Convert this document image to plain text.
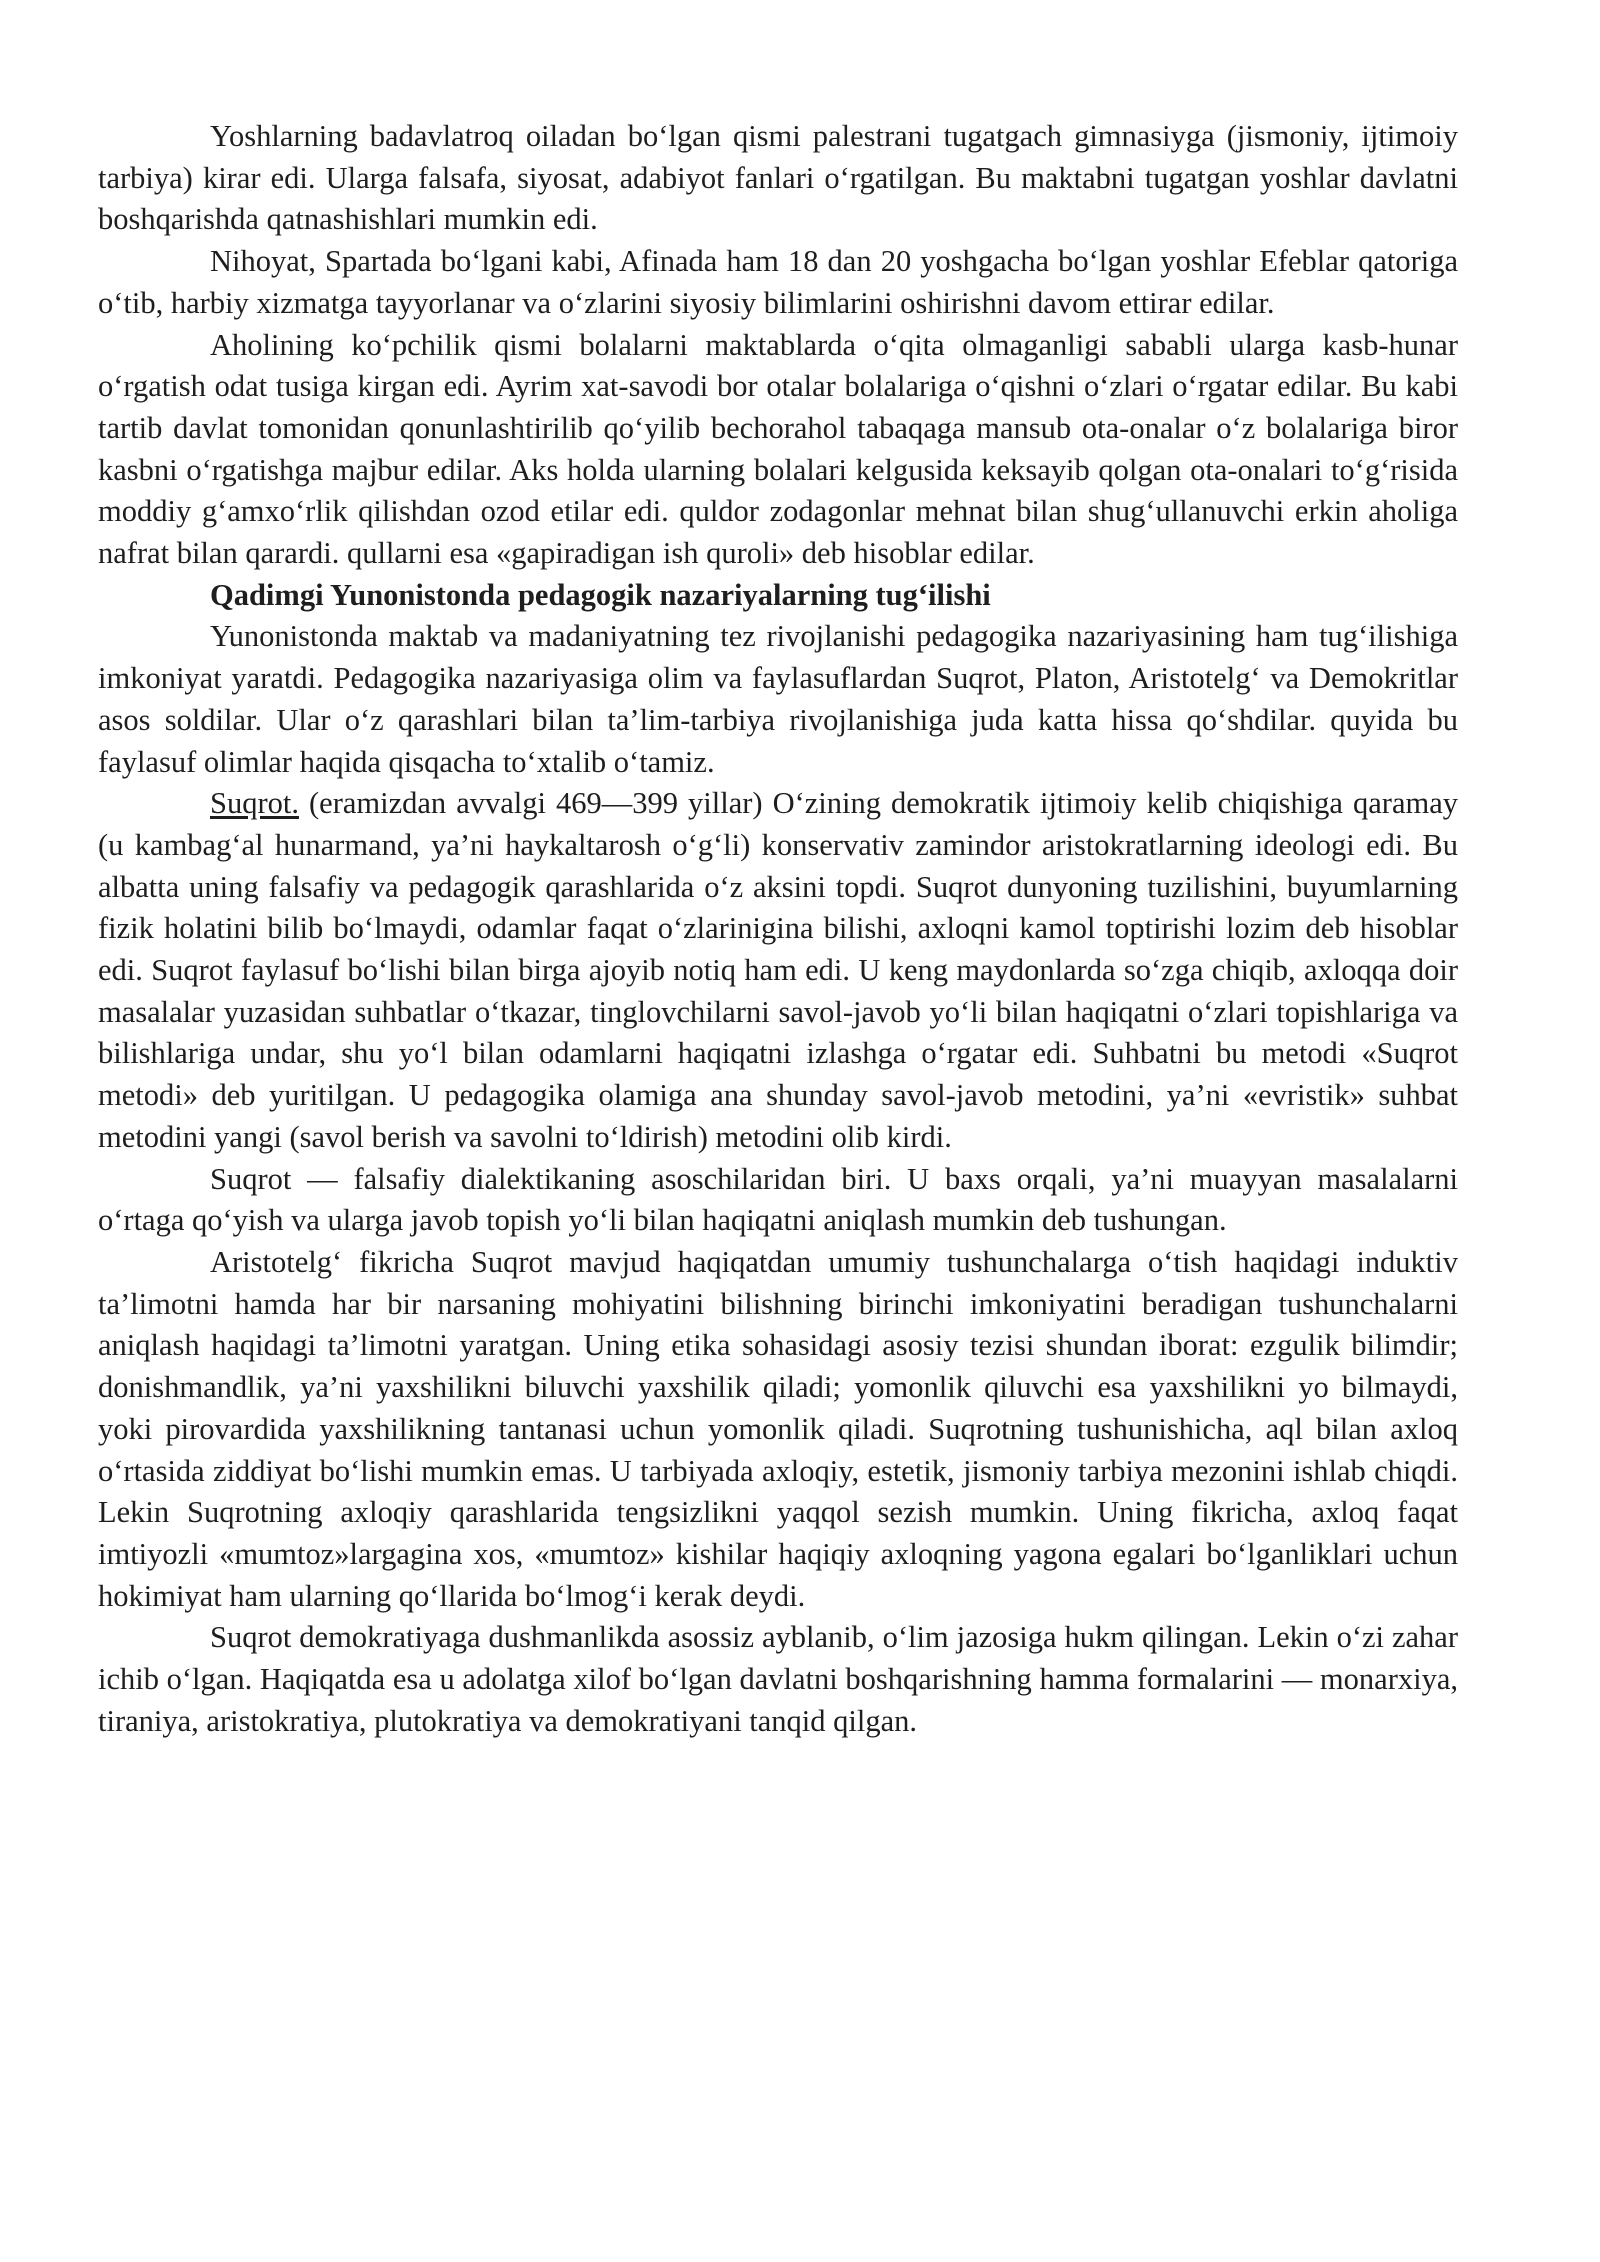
Yoshlarning badavlatroq oiladan bo‘lgan qismi palestrani tugatgach gimnasiyga (jismoniy, ijtimoiy tarbiya) kirar edi. Ularga falsafa, siyosat, adabiyot fanlari o‘rgatilgan. Bu maktabni tugatgan yoshlar davlatni boshqarishda qatnashishlari mumkin edi.

Nihoyat, Spartada bo‘lgani kabi, Afinada ham 18 dan 20 yoshgacha bo‘lgan yoshlar Efeblar qatoriga o‘tib, harbiy xizmatga tayyorlanar va o‘zlarini siyosiy bilimlarini oshirishni davom ettirar edilar.

Aholining ko‘pchilik qismi bolalarni maktablarda o‘qita olmaganligi sababli ularga kasb-hunar o‘rgatish odat tusiga kirgan edi. Ayrim xat-savodi bor otalar bolalariga o‘qishni o‘zlari o‘rgatar edilar. Bu kabi tartib davlat tomonidan qonunlashtirilib qo‘yilib bechorahol tabaqaga mansub ota-onalar o‘z bolalariga biror kasbni o‘rgatishga majbur edilar. Aks holda ularning bolalari kelgusida keksayib qolgan ota-onalari to‘g‘risida moddiy g‘amxo‘rlik qilishdan ozod etilar edi. quldor zodagonlar mehnat bilan shug‘ullanuvchi erkin aholiga nafrat bilan qarardi. qullarni esa «gapiradigan ish quroli» deb hisoblar edilar.

Qadimgi Yunonistonda pedagogik nazariyalarning tug‘ilishi

Yunonistonda maktab va madaniyatning tez rivojlanishi pedagogika nazariyasining ham tug‘ilishiga imkoniyat yaratdi. Pedagogika nazariyasiga olim va faylasuflardan Suqrot, Platon, Aristotelg‘ va Demokritlar asos soldilar. Ular o‘z qarashlari bilan ta’lim-tarbiya rivojlanishiga juda katta hissa qo‘shdilar. quyida bu faylasuf olimlar haqida qisqacha to‘xtalib o‘tamiz.

Suqrot. (eramizdan avvalgi 469—399 yillar) O‘zining demokratik ijtimoiy kelib chiqishiga qaramay (u kambag‘al hunarmand, ya’ni haykaltarosh o‘g‘li) konservativ zamindor aristokratlarning ideologi edi. Bu albatta uning falsafiy va pedagogik qarashlarida o‘z aksini topdi. Suqrot dunyoning tuzilishini, buyumlarning fizik holatini bilib bo‘lmaydi, odamlar faqat o‘zlarinigina bilishi, axloqni kamol toptirishi lozim deb hisoblar edi. Suqrot faylasuf bo‘lishi bilan birga ajoyib notiq ham edi. U keng maydonlarda so‘zga chiqib, axloqqa doir masalalar yuzasidan suhbatlar o‘tkazar, tinglovchilarni savol-javob yo‘li bilan haqiqatni o‘zlari topishlariga va bilishlariga undar, shu yo‘l bilan odamlarni haqiqatni izlashga o‘rgatar edi. Suhbatni bu metodi «Suqrot metodi» deb yuritilgan. U pedagogika olamiga ana shunday savol-javob metodini, ya’ni «evristik» suhbat metodini yangi (savol berish va savolni to‘ldirish) metodini olib kirdi.

Suqrot — falsafiy dialektikaning asoschilaridan biri. U baxs orqali, ya’ni muayyan masalalarni o‘rtaga qo‘yish va ularga javob topish yo‘li bilan haqiqatni aniqlash mumkin deb tushungan.

Aristotelg‘ fikricha Suqrot mavjud haqiqatdan umumiy tushunchalarga o‘tish haqidagi induktiv ta’limotni hamda har bir narsaning mohiyatini bilishning birinchi imkoniyatini beradigan tushunchalarni aniqlash haqidagi ta’limotni yaratgan. Uning etika sohasidagi asosiy tezisi shundan iborat: ezgulik bilimdir; donishmandlik, ya’ni yaxshilikni biluvchi yaxshilik qiladi; yomonlik qiluvchi esa yaxshilikni yo bilmaydi, yoki pirovardida yaxshilikning tantanasi uchun yomonlik qiladi. Suqrotning tushunishicha, aql bilan axloq o‘rtasida ziddiyat bo‘lishi mumkin emas. U tarbiyada axloqiy, estetik, jismoniy tarbiya mezonini ishlab chiqdi. Lekin Suqrotning axloqiy qarashlarida tengsizlikni yaqqol sezish mumkin. Uning fikricha, axloq faqat imtiyozli «mumtoz»largagina xos, «mumtoz» kishilar haqiqiy axloqning yagona egalari bo‘lganliklari uchun hokimiyat ham ularning qo‘llarida bo‘lmog‘i kerak deydi.

Suqrot demokratiyaga dushmanlikda asossiz ayblanib, o‘lim jazosiga hukm qilingan. Lekin o‘zi zahar ichib o‘lgan. Haqiqatda esa u adolatga xilof bo‘lgan davlatni boshqarishning hamma formalarini — monarxiya, tiraniya, aristokratiya, plutokratiya va demokratiyani tanqid qilgan.
